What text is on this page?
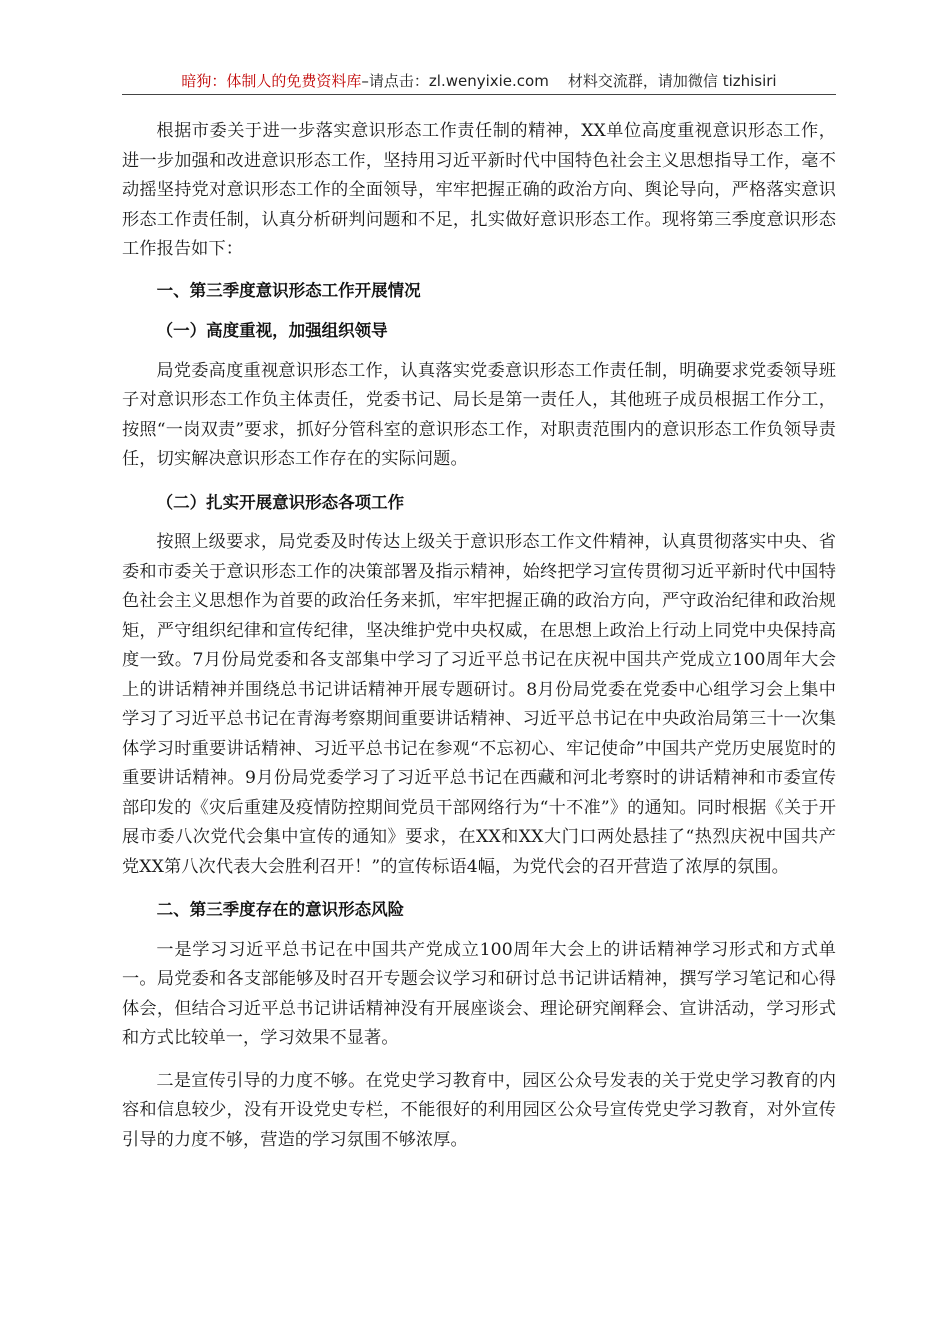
暗狗：体制人的免费资料库–请点击：zl.wenyixie.com 材料交流群，请加微信 tizhisiri

根据市委关于进一步落实意识形态工作责任制的精神，XX单位高度重视意识形态工作，进一步加强和改进意识形态工作，坚持用习近平新时代中国特色社会主义思想指导工作，毫不动摇坚持党对意识形态工作的全面领导，牢牢把握正确的政治方向、舆论导向，严格落实意识形态工作责任制，认真分析研判问题和不足，扎实做好意识形态工作。现将第三季度意识形态工作报告如下：

一、第三季度意识形态工作开展情况

（一）高度重视，加强组织领导

局党委高度重视意识形态工作，认真落实党委意识形态工作责任制，明确要求党委领导班子对意识形态工作负主体责任，党委书记、局长是第一责任人，其他班子成员根据工作分工，按照“一岗双责”要求，抓好分管科室的意识形态工作，对职责范围内的意识形态工作负领导责任，切实解决意识形态工作存在的实际问题。

（二）扎实开展意识形态各项工作

按照上级要求，局党委及时传达上级关于意识形态工作文件精神，认真贯彻落实中央、省委和市委关于意识形态工作的决策部署及指示精神，始终把学习宣传贯彻习近平新时代中国特色社会主义思想作为首要的政治任务来抓，牢牢把握正确的政治方向，严守政治纪律和政治规矩，严守组织纪律和宣传纪律，坚决维护党中央权威，在思想上政治上行动上同党中央保持高度一致。7月份局党委和各支部集中学习了习近平总书记在庆祝中国共产党成立100周年大会上的讲话精神并围绕总书记讲话精神开展专题研讨。8月份局党委在党委中心组学习会上集中学习了习近平总书记在青海考察期间重要讲话精神、习近平总书记在中央政治局第三十一次集体学习时重要讲话精神、习近平总书记在参观“不忘初心、牢记使命”中国共产党历史展览时的重要讲话精神。9月份局党委学习了习近平总书记在西藏和河北考察时的讲话精神和市委宣传部印发的《灾后重建及疫情防控期间党员干部网络行为“十不准”》的通知。同时根据《关于开展市委八次党代会集中宣传的通知》要求，在XX和XX大门口两处悬挂了“热烈庆祝中国共产党XX第八次代表大会胜利召开！”的宣传标语4幅，为党代会的召开营造了浓厚的氛围。

二、第三季度存在的意识形态风险

一是学习习近平总书记在中国共产党成立100周年大会上的讲话精神学习形式和方式单一。局党委和各支部能够及时召开专题会议学习和研讨总书记讲话精神，撰写学习笔记和心得体会，但结合习近平总书记讲话精神没有开展座谈会、理论研究阐释会、宣讲活动，学习形式和方式比较单一，学习效果不显著。

二是宣传引导的力度不够。在党史学习教育中，园区公众号发表的关于党史学习教育的内容和信息较少，没有开设党史专栏，不能很好的利用园区公众号宣传党史学习教育，对外宣传引导的力度不够，营造的学习氛围不够浓厚。
